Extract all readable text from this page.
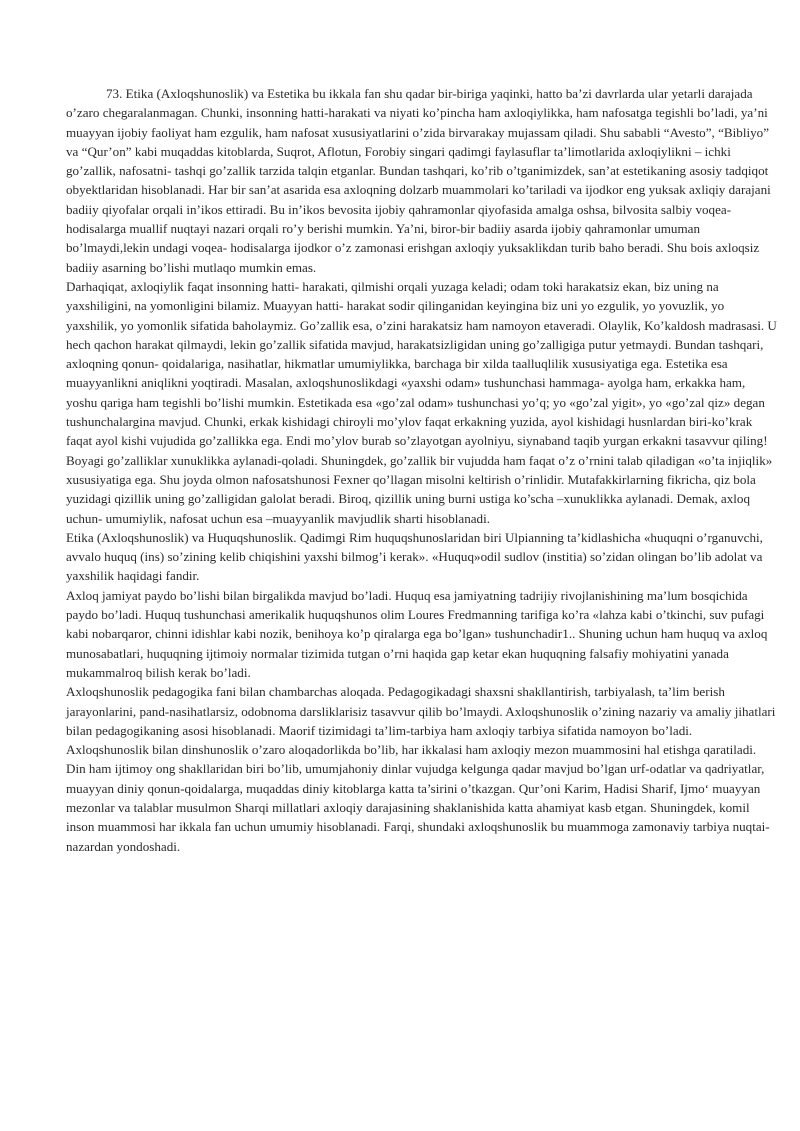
73. Etika (Axloqshunoslik) va Estetika bu ikkala fan shu qadar bir-biriga yaqinki, hatto ba’zi davrlarda ular yetarli darajada o’zaro chegaralanmagan. Chunki, insonning hatti-harakati va niyati ko’pincha ham axloqiylikka, ham nafosatga tegishli bo’ladi, ya’ni muayyan ijobiy faoliyat ham ezgulik, ham nafosat xususiyatlarini o’zida birvarakay mujassam qiladi. Shu sababli “Avesto”, “Bibliyo” va “Qur’on” kabi muqaddas kitoblarda, Suqrot, Aflotun, Forobiy singari qadimgi faylasuflar ta’limotlarida axloqiylikni – ichki go’zallik, nafosatni- tashqi go’zallik tarzida talqin etganlar. Bundan tashqari, ko’rib o’tganimizdek, san’at estetikaning asosiy tadqiqot obyektlaridan hisoblanadi. Har bir san’at asarida esa axloqning dolzarb muammolari ko’tariladi va ijodkor eng yuksak axliqiy darajani badiiy qiyofalar orqali in’ikos ettiradi. Bu in’ikos bevosita ijobiy qahramonlar qiyofasida amalga oshsa, bilvosita salbiy voqea- hodisalarga muallif nuqtayi nazari orqali ro’y berishi mumkin. Ya’ni, biror-bir badiiy asarda ijobiy qahramonlar umuman bo’lmaydi,lekin undagi voqea- hodisalarga ijodkor o’z zamonasi erishgan axloqiy yuksaklikdan turib baho beradi. Shu bois axloqsiz badiiy asarning bo’lishi mutlaqo mumkin emas.

Darhaqiqat, axloqiylik faqat insonning hatti- harakati, qilmishi orqali yuzaga keladi; odam toki harakatsiz ekan, biz uning na yaxshiligini, na yomonligini bilamiz. Muayyan hatti- harakat sodir qilinganidan keyingina biz uni yo ezgulik, yo yovuzlik, yo yaxshilik, yo yomonlik sifatida baholaymiz. Go’zallik esa, o’zini harakatsiz ham namoyon etaveradi. Olaylik, Ko’kaldosh madrasasi. U hech qachon harakat qilmaydi, lekin go’zallik sifatida mavjud, harakatsizligidan uning go’zalligiga putur yetmaydi. Bundan tashqari, axloqning qonun- qoidalariga, nasihatlar, hikmatlar umumiylikka, barchaga bir xilda taalluqlilik xususiyatiga ega. Estetika esa muayyanlikni aniqlikni yoqtiradi. Masalan, axloqshunoslikdagi «yaxshi odam» tushunchasi hammaga- ayolga ham, erkakka ham, yoshu qariga ham tegishli bo’lishi mumkin. Estetikada esa «go’zal odam» tushunchasi yo’q; yo «go’zal yigit», yo «go’zal qiz» degan tushunchalargina mavjud. Chunki, erkak kishidagi chiroyli mo’ylov faqat erkakning yuzida, ayol kishidagi husnlardan biri-ko’krak faqat ayol kishi vujudida go’zallikka ega. Endi mo’ylov burab so’zlayotgan ayolniyu, siynaband taqib yurgan erkakni tasavvur qiling! Boyagi go’zalliklar xunuklikka aylanadi-qoladi. Shuningdek, go’zallik bir vujudda ham faqat o’z o’rnini talab qiladigan «o’ta injiqlik» xususiyatiga ega. Shu joyda olmon nafosatshunosi Fexner qo’llagan misolni keltirish o’rinlidir. Mutafakkirlarning fikricha, qiz bola yuzidagi qizillik uning go’zalligidan galolat beradi. Biroq, qizillik uning burni ustiga ko’scha –xunuklikka aylanadi. Demak, axloq uchun- umumiylik, nafosat uchun esa –muayyanlik mavjudlik sharti hisoblanadi.

Etika (Axloqshunoslik) va Huquqshunoslik. Qadimgi Rim huquqshunoslaridan biri Ulpianning ta’kidlashicha «huquqni o’rganuvchi, avvalo huquq (ins) so’zining kelib chiqishini yaxshi bilmog’i kerak». «Huquq»odil sudlov (institia) so’zidan olingan bo’lib adolat va yaxshilik haqidagi fandir.

Axloq jamiyat paydo bo’lishi bilan birgalikda mavjud bo’ladi. Huquq esa jamiyatning tadrijiy rivojlanishining ma’lum bosqichida paydo bo’ladi. Huquq tushunchasi amerikalik huquqshunos olim Loures Fredmanning tarifiga ko’ra «lahza kabi o’tkinchi, suv pufagi kabi nobarqaror, chinni idishlar kabi nozik, benihoya ko’p qiralarga ega bo’lgan» tushunchadir1.. Shuning uchun ham huquq va axloq munosabatlari, huquqning ijtimoiy normalar tizimida tutgan o’rni haqida gap ketar ekan huquqning falsafiy mohiyatini yanada mukammalroq bilish kerak bo’ladi.

Axloqshunoslik pedagogika fani bilan chambarchas aloqada. Pedagogikadagi shaxsni shakllantirish, tarbiyalash, ta’lim berish jarayonlarini, pand-nasihatlarsiz, odobnoma darsliklarisiz tasavvur qilib bo’lmaydi. Axloqshunoslik o’zining nazariy va amaliy jihatlari bilan pedagogikaning asosi hisoblanadi. Maorif tizimidagi ta’lim-tarbiya ham axloqiy tarbiya sifatida namoyon bo’ladi.

Axloqshunoslik bilan dinshunoslik o’zaro aloqadorlikda bo’lib, har ikkalasi ham axloqiy mezon muammosini hal etishga qaratiladi. Din ham ijtimoy ong shakllaridan biri bo’lib, umumjahoniy dinlar vujudga kelgunga qadar mavjud bo’lgan urf-odatlar va qadriyatlar, muayyan diniy qonun-qoidalarga, muqaddas diniy kitoblarga katta ta’sirini o’tkazgan. Qur’oni Karim, Hadisi Sharif, Ijmo‘ muayyan mezonlar va talablar musulmon Sharqi millatlari axloqiy darajasining shaklanishida katta ahamiyat kasb etgan. Shuningdek, komil inson muammosi har ikkala fan uchun umumiy hisoblanadi. Farqi, shundaki axloqshunoslik bu muammoga zamonaviy tarbiya nuqtai-nazardan yondoshadi.
